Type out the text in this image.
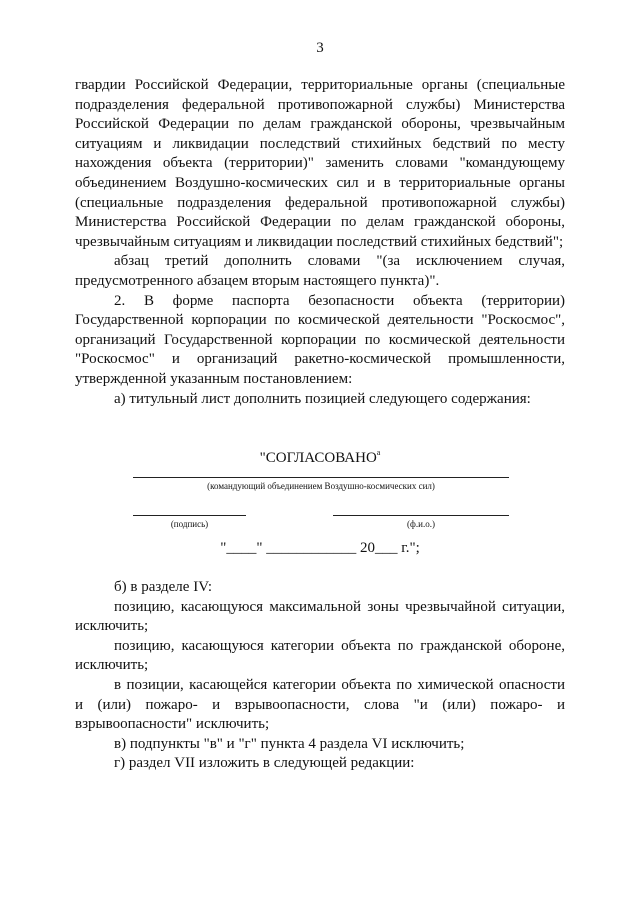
3

гвардии Российской Федерации, территориальные органы (специальные подразделения федеральной противопожарной службы) Министерства Российской Федерации по делам гражданской обороны, чрезвычайным ситуациям и ликвидации последствий стихийных бедствий по месту нахождения объекта (территории)" заменить словами "командующему объединением Воздушно-космических сил и в территориальные органы (специальные подразделения федеральной противопожарной службы) Министерства Российской Федерации по делам гражданской обороны, чрезвычайным ситуациям и ликвидации последствий стихийных бедствий";

абзац третий дополнить словами "(за исключением случая, предусмотренного абзацем вторым настоящего пункта)".

2. В форме паспорта безопасности объекта (территории) Государственной корпорации по космической деятельности "Роскосмос", организаций Государственной корпорации по космической деятельности "Роскосмос" и организаций ракетно-космической промышленности, утвержденной указанным постановлением:

а) титульный лист дополнить позицией следующего содержания:

"$СОГЛАСОВАНО^а$
(командующий объединением Воздушно-космических сил)
(подпись)	(ф.и.о.)
"____" ____________ 20___ г.";

б) в разделе IV:

позицию, касающуюся максимальной зоны чрезвычайной ситуации, исключить;

позицию, касающуюся категории объекта по гражданской обороне, исключить;

в позиции, касающейся категории объекта по химической опасности и (или) пожаро- и взрывоопасности, слова "и (или) пожаро- и взрывоопасности" исключить;

в) подпункты "в" и "г" пункта 4 раздела VI исключить;

г) раздел VII изложить в следующей редакции:
